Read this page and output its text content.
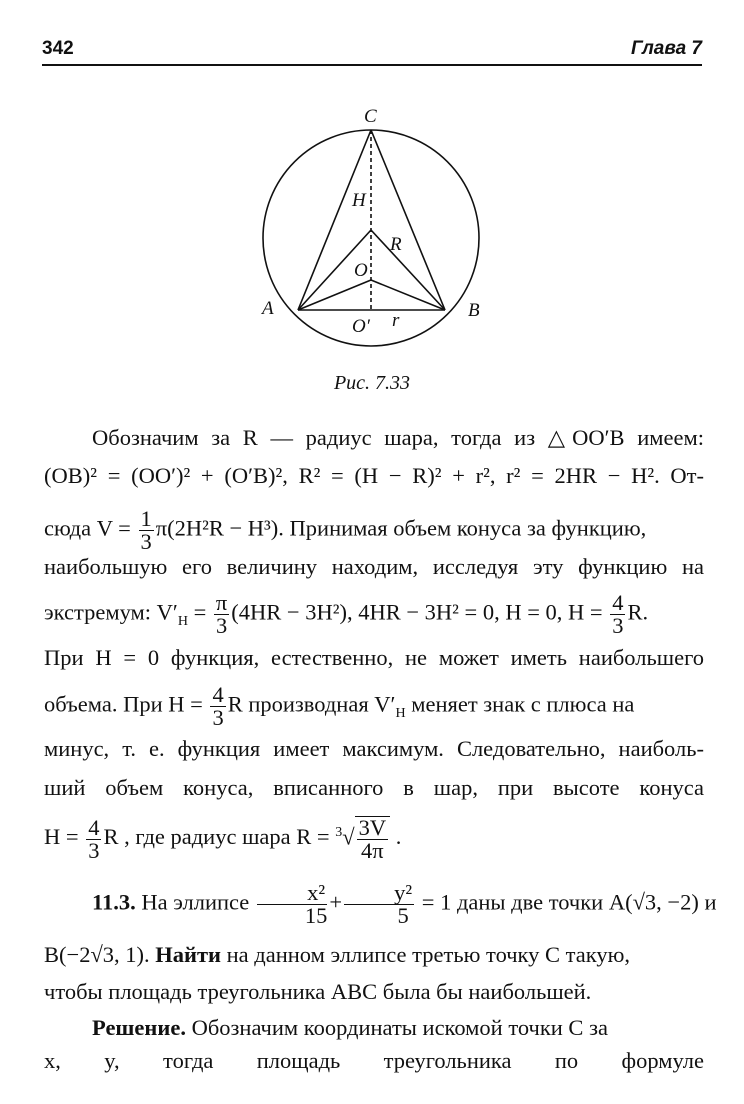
342	Глава 7
C
H
R
O
A	B
O′ r
Рис. 7.33
Обозначим за R — радиус шара, тогда из △OO′B имеем:
(OB)² = (OO′)² + (O′B)², R² = (H − R)² + r², r² = 2HR − H². От-
сюда $V = \frac{1}{3} \pi(2H^2R - H^3)$. Принимая объем конуса за функцию,
наибольшую его величину находим, исследуя эту функцию на
экстремум: $V'_H = \frac{\pi}{3} (4HR - 3H^2)$, 4HR − 3H² = 0, H = 0, $H = \frac{4}{3} R$.
При H = 0 функция, естественно, не может иметь наибольшего
объема. При $H = \frac{4}{3}$ R производная $V'_H$ меняет знак с плюса на
минус, т. е. функция имеет максимум. Следовательно, наиболь-
ший объем конуса, вписанного в шар, при высоте конуса
$H = \frac{4}{3}$ R , где радиус шара $R = ^3√ \frac{3V}{4\pi}$ .
11.3. На эллипсе $\frac{\text{x²}}{15} + \frac{\text{y²}}{5} = 1$ даны две точки A(√3, −2) и
B(−2√3, 1). Найти на данном эллипсе третью точку C такую,
чтобы площадь треугольника ABC была бы наибольшей.
Решение. Обозначим координаты искомой точки C за
x, y, тогда площадь треугольника по формуле
